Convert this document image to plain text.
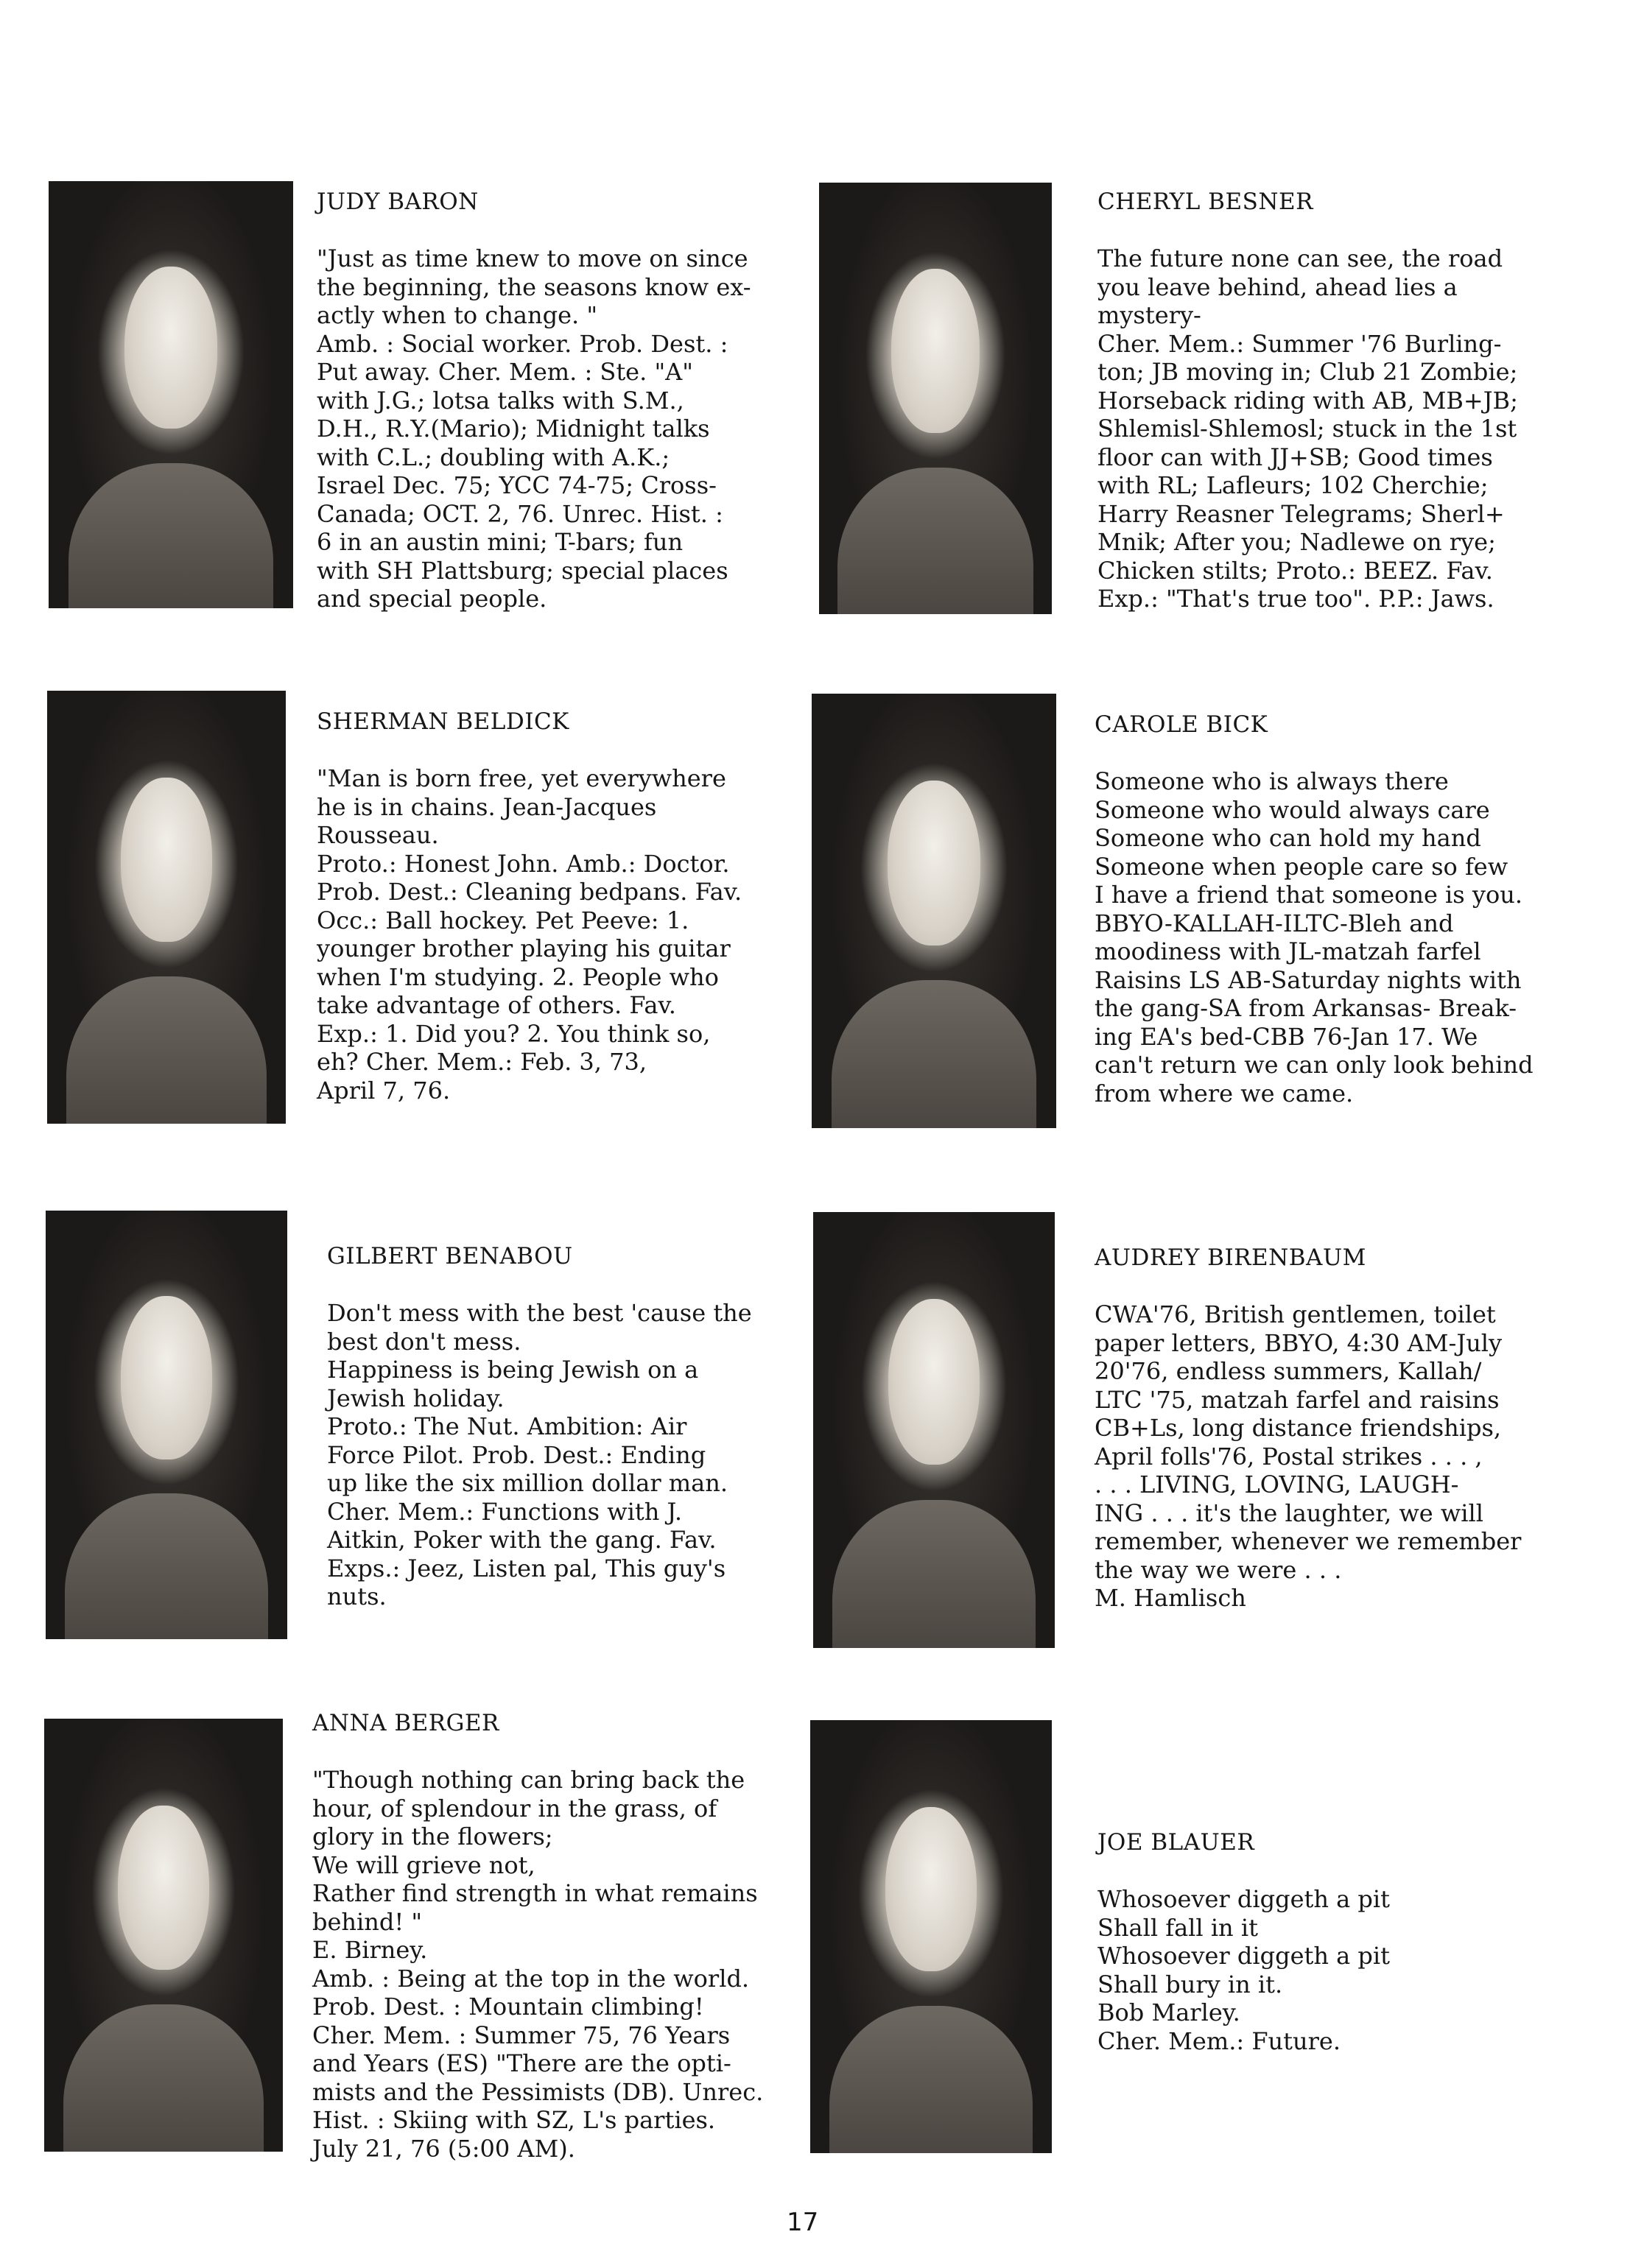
JUDY BARON
"Just as time knew to move on since
the beginning, the seasons know ex-
actly when to change. "
Amb. : Social worker. Prob. Dest. :
Put away. Cher. Mem. : Ste. "A"
with J.G.; lotsa talks with S.M.,
D.H., R.Y.(Mario); Midnight talks
with C.L.; doubling with A.K.;
Israel Dec. 75; YCC 74-75; Cross-
Canada; OCT. 2, 76. Unrec. Hist. :
6 in an austin mini; T-bars; fun
with SH Plattsburg; special places
and special people.
CHERYL BESNER
The future none can see, the road
you leave behind, ahead lies a
mystery-
Cher. Mem.: Summer '76 Burling-
ton; JB moving in; Club 21 Zombie;
Horseback riding with AB, MB+JB;
Shlemisl-Shlemosl; stuck in the 1st
floor can with JJ+SB; Good times
with RL; Lafleurs; 102 Cherchie;
Harry Reasner Telegrams; Sherl+
Mnik; After you; Nadlewe on rye;
Chicken stilts; Proto.: BEEZ. Fav.
Exp.: "That's true too". P.P.: Jaws.
SHERMAN BELDICK
"Man is born free, yet everywhere
he is in chains. Jean-Jacques
Rousseau.
Proto.: Honest John. Amb.: Doctor.
Prob. Dest.: Cleaning bedpans. Fav.
Occ.: Ball hockey. Pet Peeve: 1.
younger brother playing his guitar
when I'm studying. 2. People who
take advantage of others. Fav.
Exp.: 1. Did you? 2. You think so,
eh? Cher. Mem.: Feb. 3, 73,
April 7, 76.
CAROLE BICK
Someone who is always there
Someone who would always care
Someone who can hold my hand
Someone when people care so few
I have a friend that someone is you.
BBYO-KALLAH-ILTC-Bleh and
moodiness with JL-matzah farfel
Raisins LS AB-Saturday nights with
the gang-SA from Arkansas- Break-
ing EA's bed-CBB 76-Jan 17. We
can't return we can only look behind
from where we came.
GILBERT BENABOU
Don't mess with the best 'cause the
best don't mess.
Happiness is being Jewish on a
Jewish holiday.
Proto.: The Nut. Ambition: Air
Force Pilot. Prob. Dest.: Ending
up like the six million dollar man.
Cher. Mem.: Functions with J.
Aitkin, Poker with the gang. Fav.
Exps.: Jeez, Listen pal, This guy's
nuts.
AUDREY BIRENBAUM
CWA'76, British gentlemen, toilet
paper letters, BBYO, 4:30 AM-July
20'76, endless summers, Kallah/
LTC '75, matzah farfel and raisins
CB+Ls, long distance friendships,
April folls'76, Postal strikes . . . ,
. . . LIVING, LOVING, LAUGH-
ING . . . it's the laughter, we will
remember, whenever we remember
the way we were . . .
M. Hamlisch
ANNA BERGER
"Though nothing can bring back the
hour, of splendour in the grass, of
glory in the flowers;
We will grieve not,
Rather find strength in what remains
behind! "
E. Birney.
Amb. : Being at the top in the world.
Prob. Dest. : Mountain climbing!
Cher. Mem. : Summer 75, 76 Years
and Years (ES) "There are the opti-
mists and the Pessimists (DB). Unrec.
Hist. : Skiing with SZ, L's parties.
July 21, 76 (5:00 AM).
JOE BLAUER
Whosoever diggeth a pit
Shall fall in it
Whosoever diggeth a pit
Shall bury in it.
Bob Marley.
Cher. Mem.: Future.
17
